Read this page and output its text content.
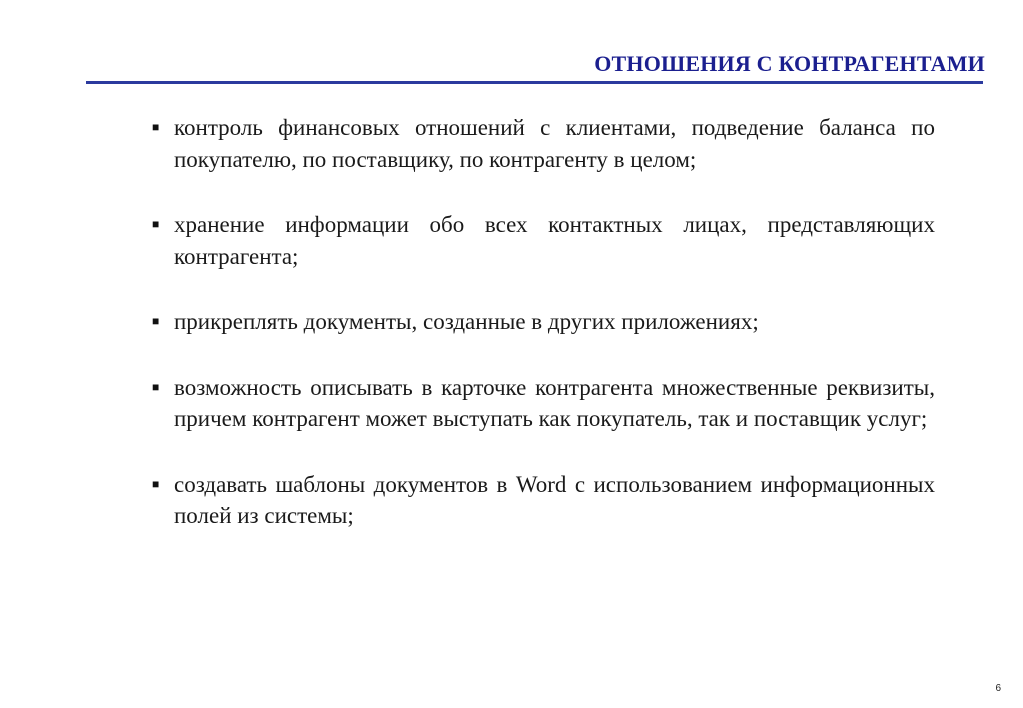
ОТНОШЕНИЯ С КОНТРАГЕНТАМИ
■ контроль финансовых отношений с клиентами, подведение баланса по покупателю, по поставщику, по контрагенту в целом;
■ хранение информации обо всех контактных лицах, представляющих контрагента;
■ прикреплять документы, созданные в других приложениях;
■ возможность описывать в карточке контрагента множественные реквизиты, причем контрагент может выступать как покупатель, так и поставщик услуг;
■ создавать шаблоны документов в Word с использованием информационных полей из системы;
6
